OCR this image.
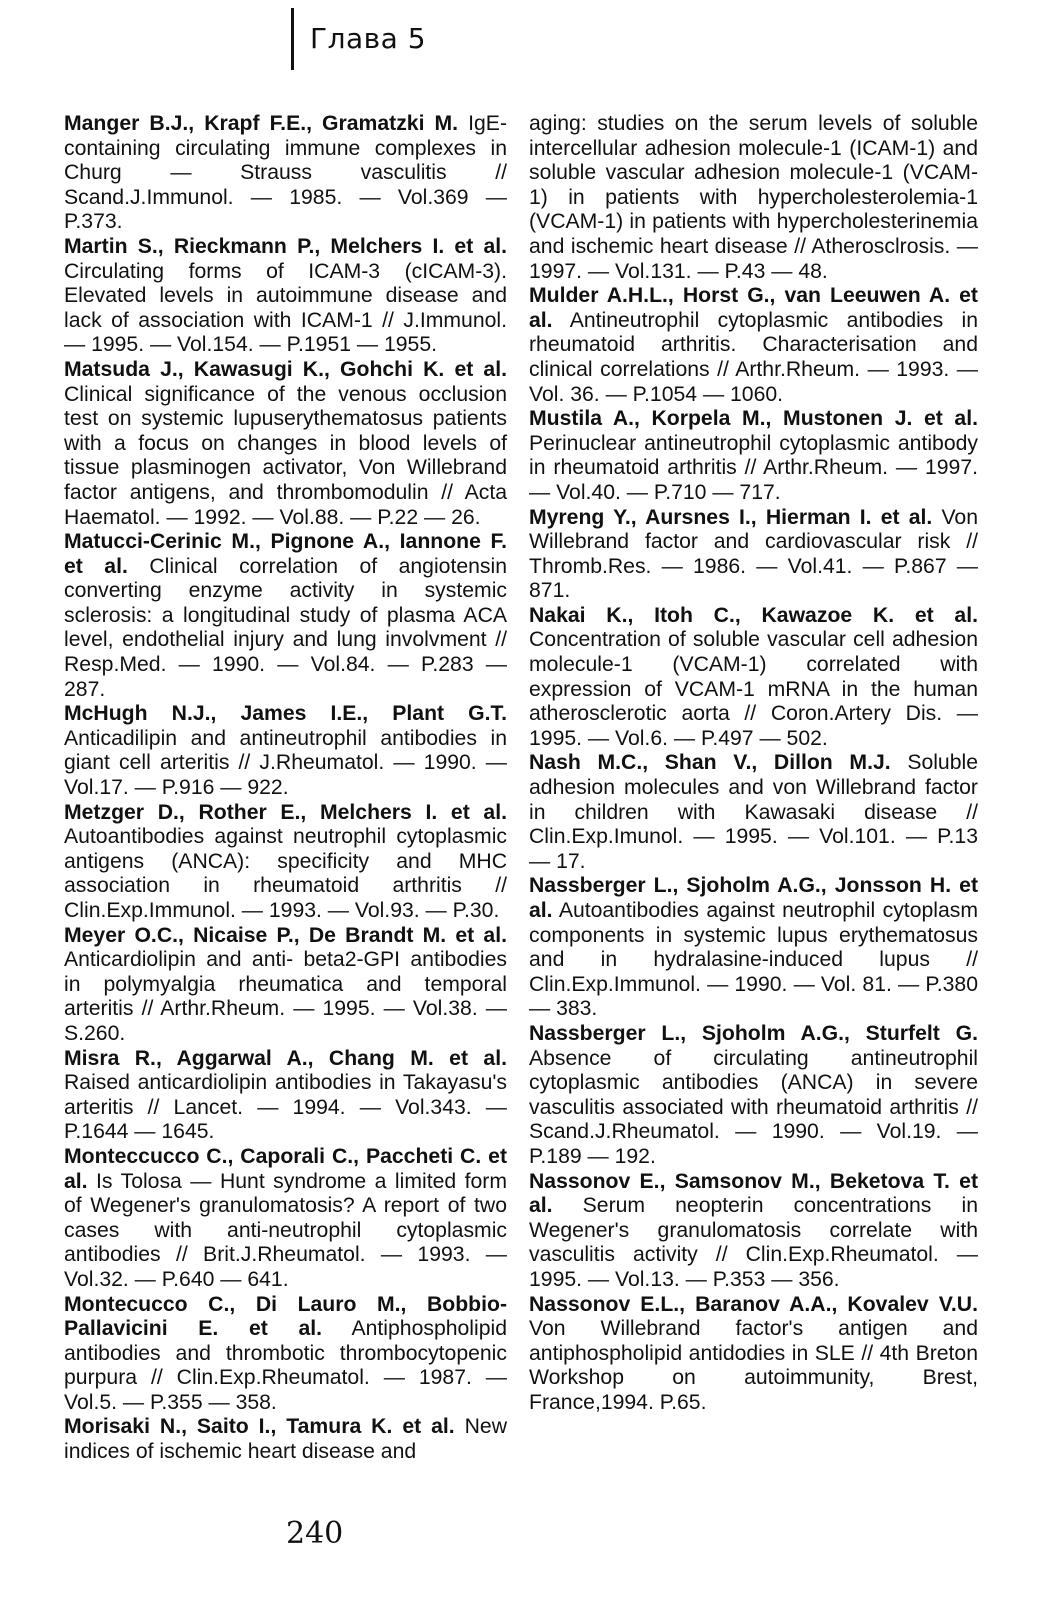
Глава 5

Manger B.J., Krapf F.E., Gramatzki M. IgE-containing circulating immune complexes in Churg — Strauss vasculitis // Scand.J.Immunol. — 1985. — Vol.369 — P.373.

Martin S., Rieckmann P., Melchers I. et al. Circulating forms of ICAM-3 (cICAM-3). Elevated levels in autoimmune disease and lack of association with ICAM-1 // J.Immunol. — 1995. — Vol.154. — P.1951 — 1955.

Matsuda J., Kawasugi K., Gohchi K. et al. Clinical significance of the venous occlusion test on systemic lupuserythematosus patients with a focus on changes in blood levels of tissue plasminogen activator, Von Willebrand factor antigens, and thrombomodulin // Acta Haematol. — 1992. — Vol.88. — P.22 — 26.

Matucci-Cerinic M., Pignone A., Iannone F. et al. Clinical correlation of angiotensin converting enzyme activity in systemic sclerosis: a longitudinal study of plasma ACA level, endothelial injury and lung involvment // Resp.Med. — 1990. — Vol.84. — P.283 — 287.

McHugh N.J., James I.E., Plant G.T. Anticadilipin and antineutrophil antibodies in giant cell arteritis // J.Rheumatol. — 1990. — Vol.17. — P.916 — 922.

Metzger D., Rother E., Melchers I. et al. Autoantibodies against neutrophil cytoplasmic antigens (ANCA): specificity and MHC association in rheumatoid arthritis // Clin.Exp.Immunol. — 1993. — Vol.93. — P.30.

Meyer O.C., Nicaise P., De Brandt M. et al. Anticardiolipin and anti- beta2-GPI antibodies in polymyalgia rheumatica and temporal arteritis // Arthr.Rheum. — 1995. — Vol.38. — S.260.

Misra R., Aggarwal A., Chang M. et al. Raised anticardiolipin antibodies in Takayasu's arteritis // Lancet. — 1994. — Vol.343. — P.1644 — 1645.

Monteccucco C., Caporali C., Paccheti C. et al. Is Tolosa — Hunt syndrome a limited form of Wegener's granulomatosis? A report of two cases with anti-neutrophil cytoplasmic antibodies // Brit.J.Rheumatol. — 1993. — Vol.32. — P.640 — 641.

Montecucco C., Di Lauro M., Bobbio-Pallavicini E. et al. Antiphospholipid antibodies and thrombotic thrombocytopenic purpura // Clin.Exp.Rheumatol. — 1987. — Vol.5. — P.355 — 358.

Morisaki N., Saito I., Tamura K. et al. New indices of ischemic heart disease and

aging: studies on the serum levels of soluble intercellular adhesion molecule-1 (ICAM-1) and soluble vascular adhesion molecule-1 (VCAM-1) in patients with hypercholesterolemia-1 (VCAM-1) in patients with hypercholesterinemia and ischemic heart disease // Atherosclrosis. — 1997. — Vol.131. — P.43 — 48.

Mulder A.H.L., Horst G., van Leeuwen A. et al. Antineutrophil cytoplasmic antibodies in rheumatoid arthritis. Characterisation and clinical correlations // Arthr.Rheum. — 1993. — Vol. 36. — P.1054 — 1060.

Mustila A., Korpela M., Mustonen J. et al. Perinuclear antineutrophil cytoplasmic antibody in rheumatoid arthritis // Arthr.Rheum. — 1997. — Vol.40. — P.710 — 717.

Myreng Y., Aursnes I., Hierman I. et al. Von Willebrand factor and cardiovascular risk // Thromb.Res. — 1986. — Vol.41. — P.867 — 871.

Nakai K., Itoh C., Kawazoe K. et al. Concentration of soluble vascular cell adhesion molecule-1 (VCAM-1) correlated with expression of VCAM-1 mRNA in the human atherosclerotic aorta // Coron.Artery Dis. — 1995. — Vol.6. — P.497 — 502.

Nash M.C., Shan V., Dillon M.J. Soluble adhesion molecules and von Willebrand factor in children with Kawasaki disease // Clin.Exp.Imunol. — 1995. — Vol.101. — P.13 — 17.

Nassberger L., Sjoholm A.G., Jonsson H. et al. Autoantibodies against neutrophil cytoplasm components in systemic lupus erythematosus and in hydralasine-induced lupus // Clin.Exp.Immunol. — 1990. — Vol. 81. — P.380 — 383.

Nassberger L., Sjoholm A.G., Sturfelt G. Absence of circulating antineutrophil cytoplasmic antibodies (ANCA) in severe vasculitis associated with rheumatoid arthritis // Scand.J.Rheumatol. — 1990. — Vol.19. — P.189 — 192.

Nassonov E., Samsonov M., Beketova T. et al. Serum neopterin concentrations in Wegener's granulomatosis correlate with vasculitis activity // Clin.Exp.Rheumatol. — 1995. — Vol.13. — P.353 — 356.

Nassonov E.L., Baranov A.A., Kovalev V.U. Von Willebrand factor's antigen and antiphospholipid antidodies in SLE // 4th Breton Workshop on autoimmunity, Brest, France,1994. P.65.

240
